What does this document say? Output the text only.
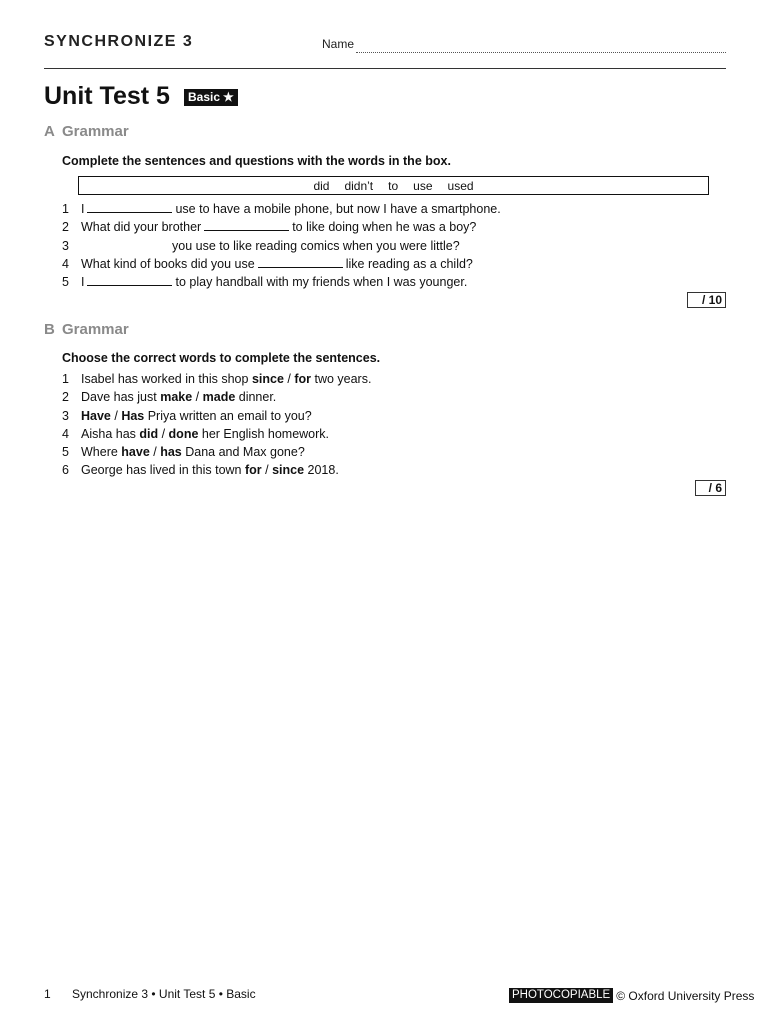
SYNCHRONIZE 3	Name
Unit Test 5 Basic ★
A Grammar
Complete the sentences and questions with the words in the box.
did didn’t to use used
1 I	use to have a mobile phone, but now I have a smartphone.
2 What did your brother	to like doing when he was a boy?
3	you use to like reading comics when you were little?
4 What kind of books did you use	like reading as a child?
5 I	to play handball with my friends when I was younger.
/ 10
B Grammar
Choose the correct words to complete the sentences.
1 Isabel has worked in this shop since / for two years.
2 Dave has just make / made dinner.
3 Have / Has Priya written an email to you?
4 Aisha has did / done her English homework.
5 Where have / has Dana and Max gone?
6 George has lived in this town for / since 2018.
/ 6
1 Synchronize 3 • Unit Test 5 • Basic	PHOTOCOPIABLE © Oxford University Press
